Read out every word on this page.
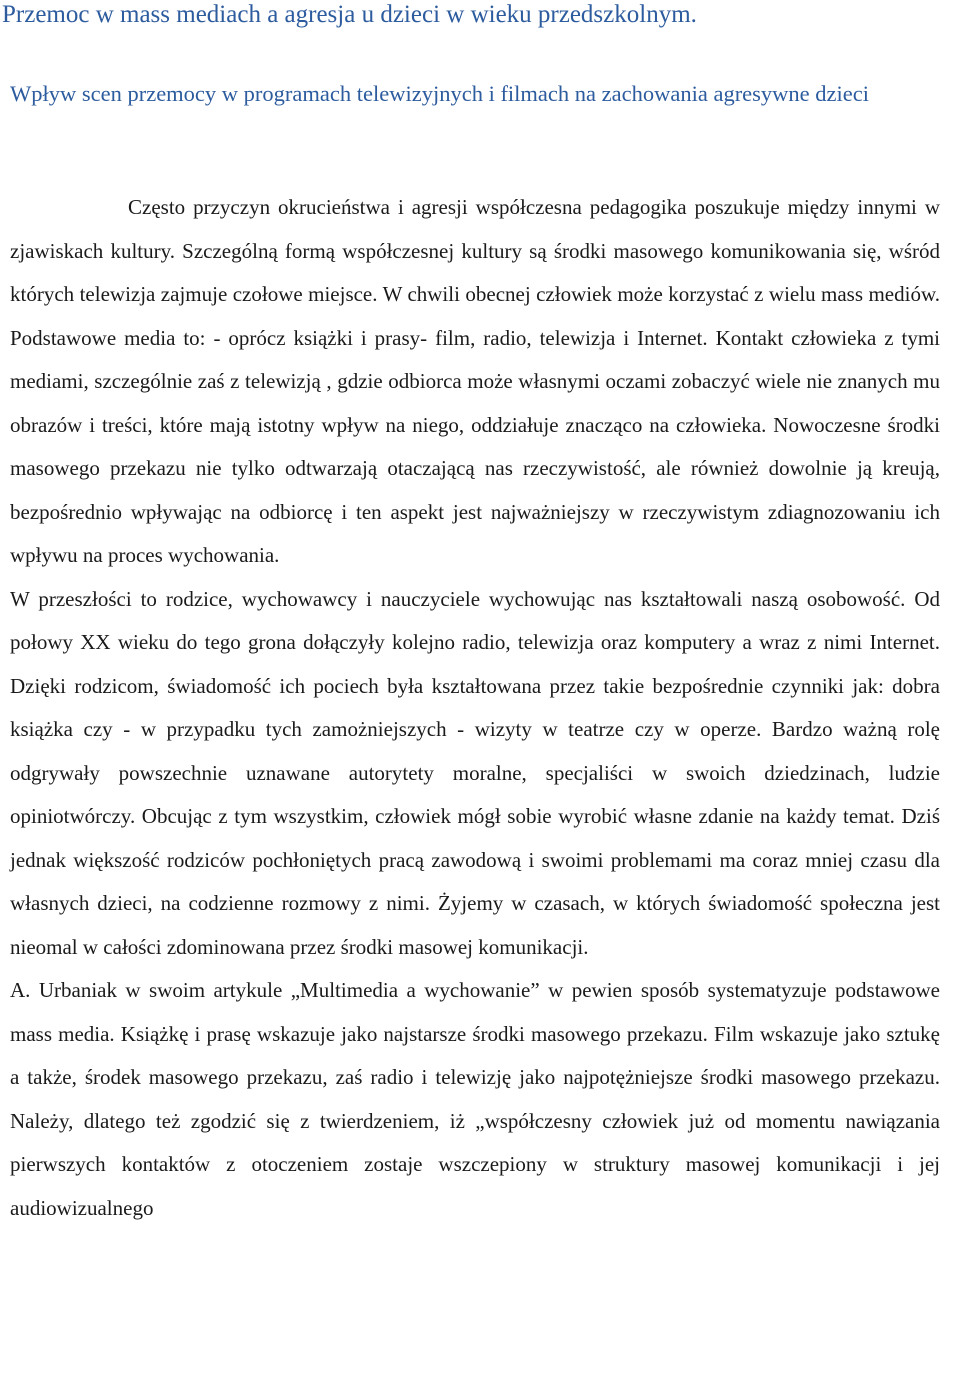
Przemoc w mass mediach a agresja u dzieci w wieku przedszkolnym.
Wpływ scen przemocy w programach telewizyjnych i filmach na zachowania agresywne dzieci

Często przyczyn okrucieństwa i agresji współczesna pedagogika poszukuje między innymi w zjawiskach kultury. Szczególną formą współczesnej kultury są środki masowego komunikowania się, wśród których telewizja zajmuje czołowe miejsce. W chwili obecnej człowiek może korzystać z wielu mass mediów. Podstawowe media to: - oprócz książki i prasy- film, radio, telewizja i Internet. Kontakt człowieka z tymi mediami, szczególnie zaś z telewizją , gdzie odbiorca może własnymi oczami zobaczyć wiele nie znanych mu obrazów i treści, które mają istotny wpływ na niego, oddziałuje znacząco na człowieka. Nowoczesne środki masowego przekazu nie tylko odtwarzają otaczającą nas rzeczywistość, ale również dowolnie ją kreują, bezpośrednio wpływając na odbiorcę i ten aspekt jest najważniejszy w rzeczywistym zdiagnozowaniu ich wpływu na proces wychowania.

W przeszłości to rodzice, wychowawcy i nauczyciele wychowując nas kształtowali naszą osobowość. Od połowy XX wieku do tego grona dołączyły kolejno radio, telewizja oraz komputery a wraz z nimi Internet. Dzięki rodzicom, świadomość ich pociech była kształtowana przez takie bezpośrednie czynniki jak: dobra książka czy - w przypadku tych zamożniejszych - wizyty w teatrze czy w operze. Bardzo ważną rolę odgrywały powszechnie uznawane autorytety moralne, specjaliści w swoich dziedzinach, ludzie opiniotwórczy. Obcując z tym wszystkim, człowiek mógł sobie wyrobić własne zdanie na każdy temat. Dziś jednak większość rodziców pochłoniętych pracą zawodową i swoimi problemami ma coraz mniej czasu dla własnych dzieci, na codzienne rozmowy z nimi. Żyjemy w czasach, w których świadomość społeczna jest nieomal w całości zdominowana przez środki masowej komunikacji.

A. Urbaniak w swoim artykule „Multimedia a wychowanie” w pewien sposób systematyzuje podstawowe mass media. Książkę i prasę wskazuje jako najstarsze środki masowego przekazu. Film wskazuje jako sztukę a także, środek masowego przekazu, zaś radio i telewizję jako najpotężniejsze środki masowego przekazu. Należy, dlatego też zgodzić się z twierdzeniem, iż „współczesny człowiek już od momentu nawiązania pierwszych kontaktów z otoczeniem zostaje wszczepiony w struktury masowej komunikacji i jej audiowizualnego
